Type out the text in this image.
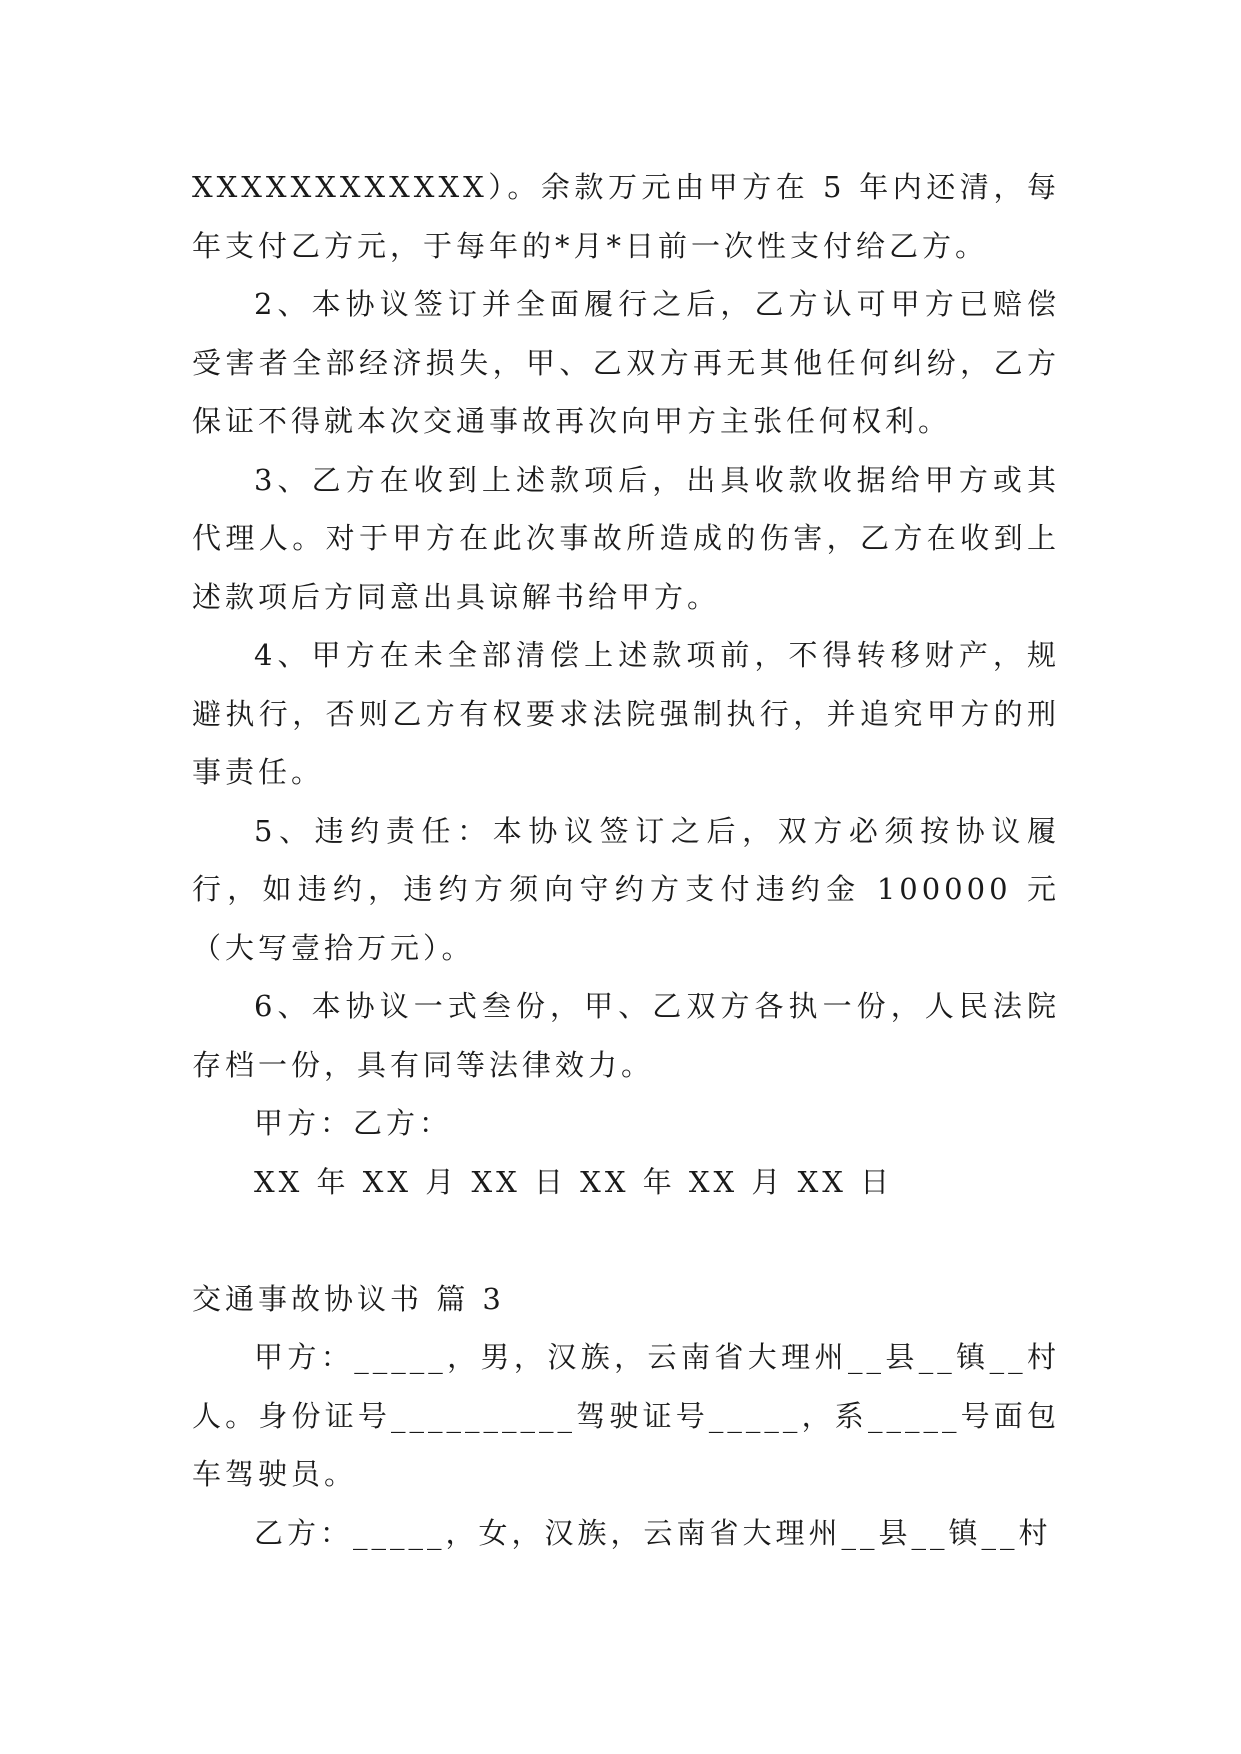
XXXXXXXXXXXX）。余款万元由甲方在 5 年内还清，每年支付乙方元，于每年的*月*日前一次性支付给乙方。

2、本协议签订并全面履行之后，乙方认可甲方已赔偿受害者全部经济损失，甲、乙双方再无其他任何纠纷，乙方保证不得就本次交通事故再次向甲方主张任何权利。

3、乙方在收到上述款项后，出具收款收据给甲方或其代理人。对于甲方在此次事故所造成的伤害，乙方在收到上述款项后方同意出具谅解书给甲方。

4、甲方在未全部清偿上述款项前，不得转移财产，规避执行，否则乙方有权要求法院强制执行，并追究甲方的刑事责任。

5、违约责任：本协议签订之后，双方必须按协议履行，如违约，违约方须向守约方支付违约金 100000 元（大写壹拾万元）。

6、本协议一式叁份，甲、乙双方各执一份，人民法院存档一份，具有同等法律效力。

甲方：乙方：

XX 年 XX 月 XX 日 XX 年 XX 月 XX 日

交通事故协议书 篇 3

甲方：_____，男，汉族，云南省大理州__县__镇__村人。身份证号__________驾驶证号_____，系_____号面包车驾驶员。

乙方：_____，女，汉族，云南省大理州__县__镇__村
